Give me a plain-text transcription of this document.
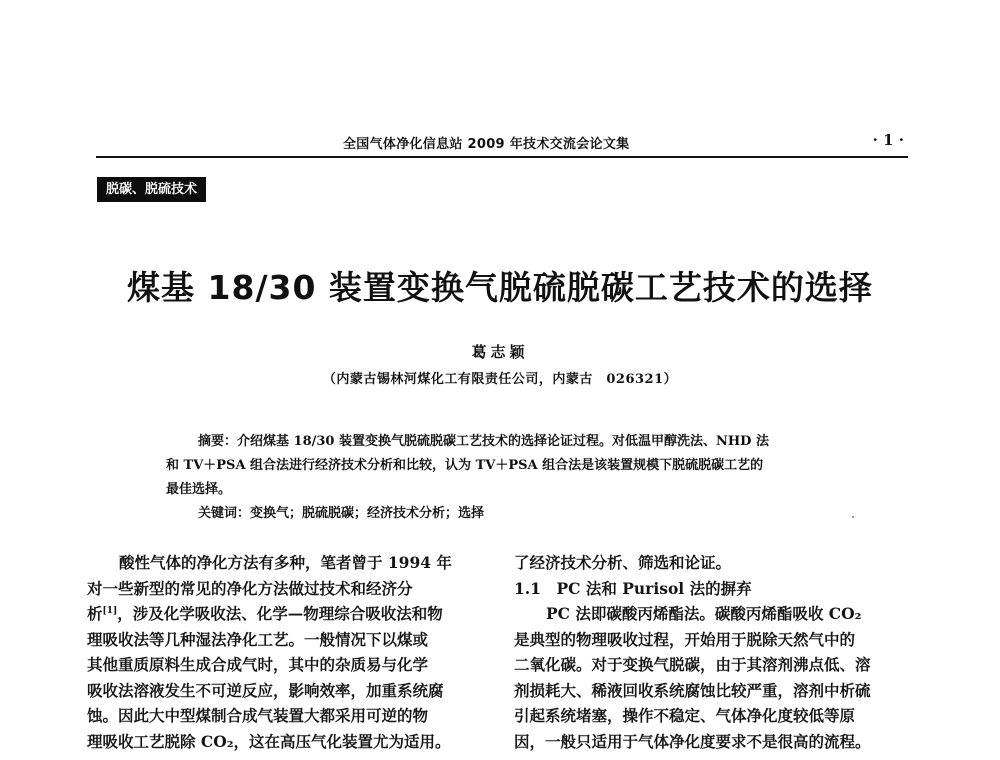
全国气体净化信息站 2009 年技术交流会论文集	· 1 ·
脱碳、脱硫技术
煤基 18/30 装置变换气脱硫脱碳工艺技术的选择
葛志颖
（内蒙古锡林河煤化工有限责任公司，内蒙古　026321）
摘要：介绍煤基 18/30 装置变换气脱硫脱碳工艺技术的选择论证过程。对低温甲醇洗法、NHD 法
和 TV＋PSA 组合法进行经济技术分析和比较，认为 TV＋PSA 组合法是该装置规模下脱硫脱碳工艺的
最佳选择。
关键词：变换气；脱硫脱碳；经济技术分析；选择
酸性气体的净化方法有多种，笔者曾于 1994 年
对一些新型的常见的净化方法做过技术和经济分
析[1]，涉及化学吸收法、化学—物理综合吸收法和物
理吸收法等几种湿法净化工艺。一般情况下以煤或
其他重质原料生成合成气时，其中的杂质易与化学
吸收法溶液发生不可逆反应，影响效率，加重系统腐
蚀。因此大中型煤制合成气装置大都采用可逆的物
理吸收工艺脱除 CO₂，这在高压气化装置尤为适用。
了经济技术分析、筛选和论证。
1.1　PC 法和 Purisol 法的摒弃
PC 法即碳酸丙烯酯法。碳酸丙烯酯吸收 CO₂
是典型的物理吸收过程，开始用于脱除天然气中的
二氧化碳。对于变换气脱碳，由于其溶剂沸点低、溶
剂损耗大、稀液回收系统腐蚀比较严重，溶剂中析硫
引起系统堵塞，操作不稳定、气体净化度较低等原
因，一般只适用于气体净化度要求不是很高的流程。
